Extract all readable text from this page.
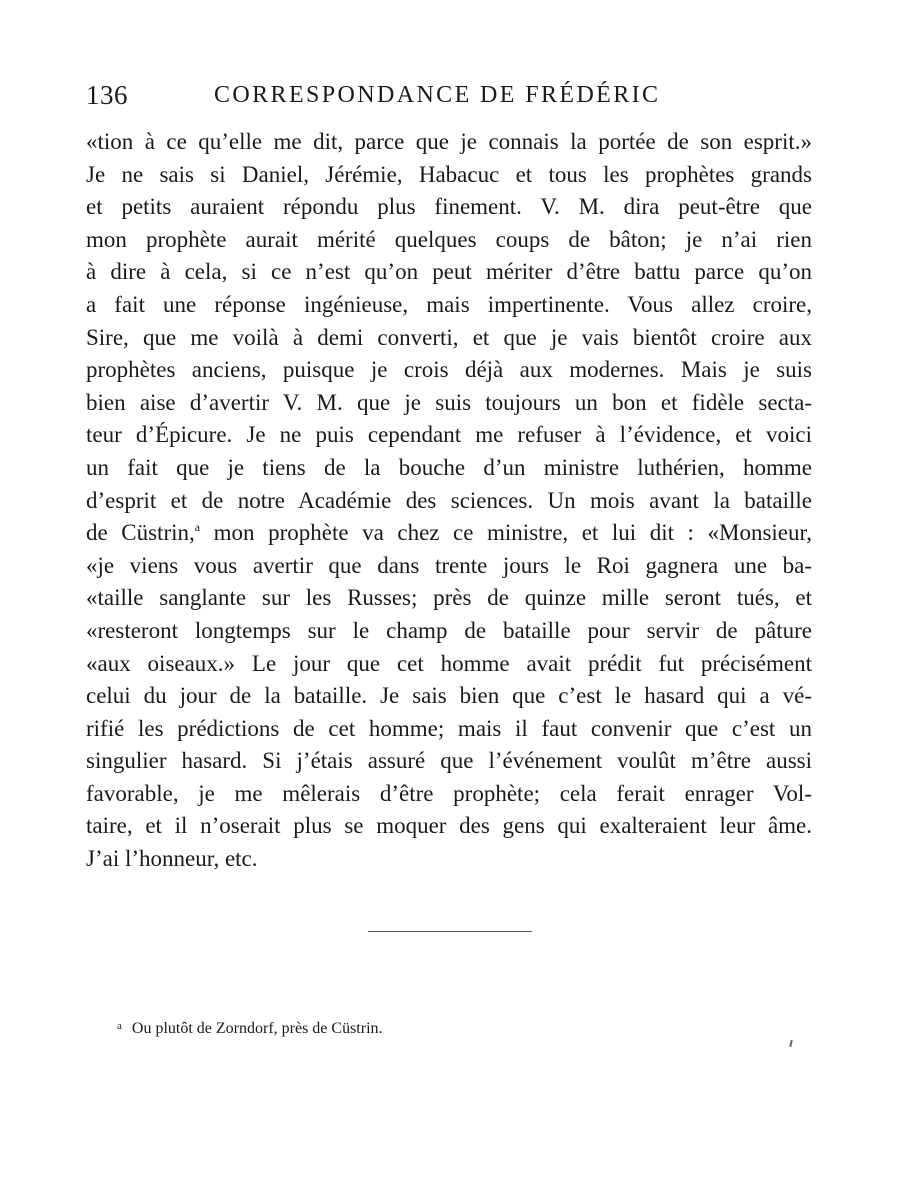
136	CORRESPONDANCE DE FRÉDÉRIC
«tion à ce qu’elle me dit, parce que je connais la portée de son esprit.»
Je ne sais si Daniel, Jérémie, Habacuc et tous les prophètes grands
et petits auraient répondu plus finement. V. M. dira peut-être que
mon prophète aurait mérité quelques coups de bâton; je n’ai rien
à dire à cela, si ce n’est qu’on peut mériter d’être battu parce qu’on
a fait une réponse ingénieuse, mais impertinente. Vous allez croire,
Sire, que me voilà à demi converti, et que je vais bientôt croire aux
prophètes anciens, puisque je crois déjà aux modernes. Mais je suis
bien aise d’avertir V. M. que je suis toujours un bon et fidèle secta-
teur d’Épicure. Je ne puis cependant me refuser à l’évidence, et voici
un fait que je tiens de la bouche d’un ministre luthérien, homme
d’esprit et de notre Académie des sciences. Un mois avant la bataille
de Cüstrin,$^a$ mon prophète va chez ce ministre, et lui dit : «Monsieur,
«je viens vous avertir que dans trente jours le Roi gagnera une ba-
«taille sanglante sur les Russes; près de quinze mille seront tués, et
«resteront longtemps sur le champ de bataille pour servir de pâture
«aux oiseaux.» Le jour que cet homme avait prédit fut précisément
celui du jour de la bataille. Je sais bien que c’est le hasard qui a vé-
rifié les prédictions de cet homme; mais il faut convenir que c’est un
singulier hasard. Si j’étais assuré que l’événement voulût m’être aussi
favorable, je me mêlerais d’être prophète; cela ferait enrager Vol-
taire, et il n’oserait plus se moquer des gens qui exalteraient leur âme.
J’ai l’honneur, etc.
$^a$ Ou plutôt de Zorndorf, près de Cüstrin.
